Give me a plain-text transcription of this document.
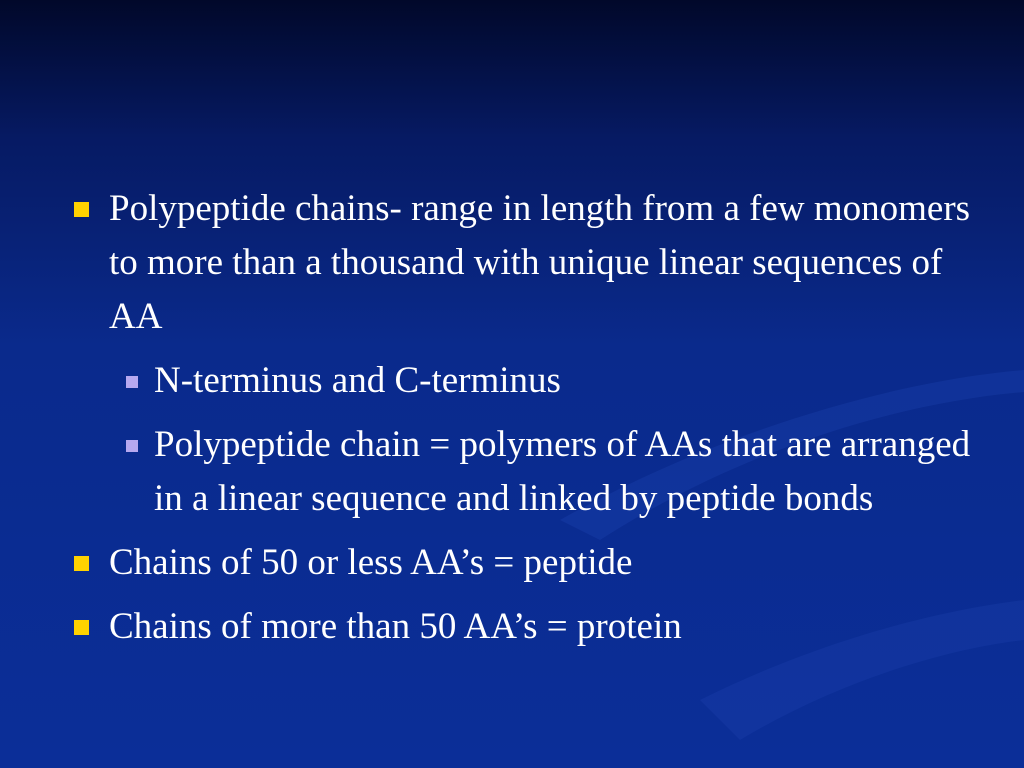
Polypeptide chains- range in length from a few monomers to more than a thousand with unique linear sequences of AA
N-terminus and C-terminus
Polypeptide chain = polymers of AAs that are arranged in a linear sequence and linked by peptide bonds
Chains of 50 or less AA’s = peptide
Chains of more than 50 AA’s = protein
